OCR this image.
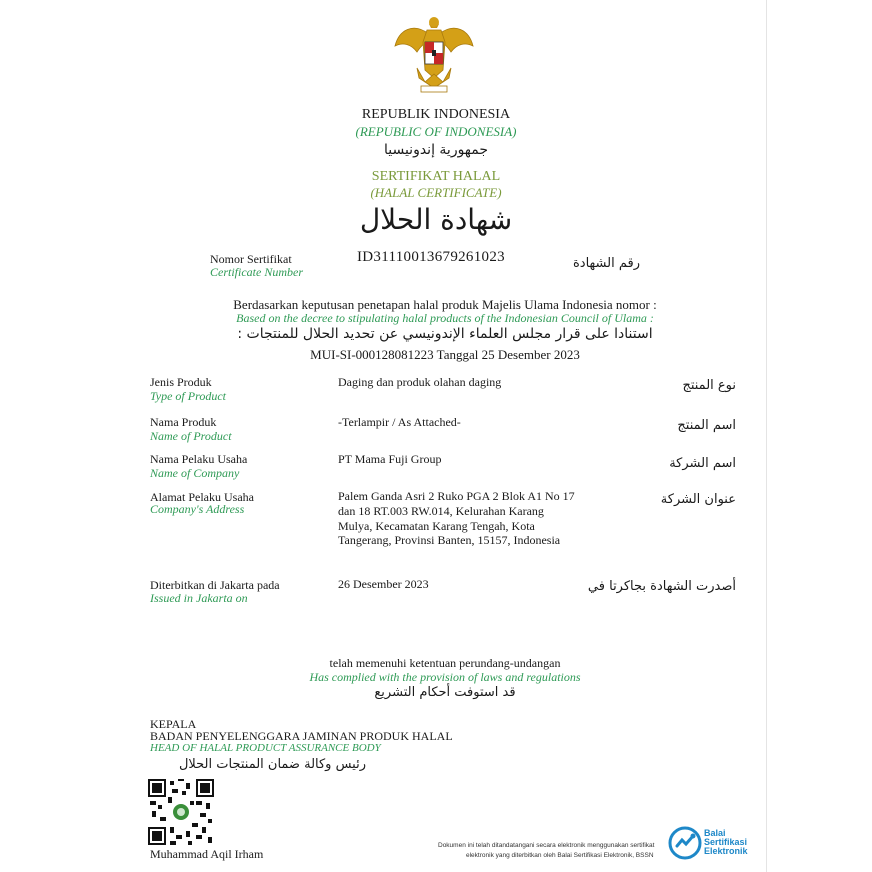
REPUBLIK INDONESIA
(REPUBLIC OF INDONESIA)
جمهورية إندونيسيا
SERTIFIKAT HALAL
(HALAL CERTIFICATE)
شهادة الحلال
Nomor Sertifikat
Certificate Number
ID31110013679261023	رقم الشهادة
Berdasarkan keputusan penetapan halal produk Majelis Ulama Indonesia nomor :
Based on the decree to stipulating halal products of the Indonesian Council of Ulama :
استنادا على قرار مجلس العلماء الإندونيسي عن تحديد الحلال للمنتجات :
MUI-SI-000128081223 Tanggal 25 Desember 2023
Jenis Produk
Type of Product
Daging dan produk olahan daging	نوع المنتج
Nama Produk
Name of Product
-Terlampir / As Attached-	اسم المنتج
Nama Pelaku Usaha
Name of Company
PT Mama Fuji Group	اسم الشركة
Alamat Pelaku Usaha
Company's Address
Palem Ganda Asri 2 Ruko PGA 2 Blok A1 No 17
dan 18 RT.003 RW.014, Kelurahan Karang
Mulya, Kecamatan Karang Tengah, Kota
Tangerang, Provinsi Banten, 15157, Indonesia
عنوان الشركة
Diterbitkan di Jakarta pada
Issued in Jakarta on
26 Desember 2023	أصدرت الشهادة بجاكرتا في
telah memenuhi ketentuan perundang-undangan
Has complied with the provision of laws and regulations
قد استوفت أحكام التشريع
KEPALA
BADAN PENYELENGGARA JAMINAN PRODUK HALAL
HEAD OF HALAL PRODUCT ASSURANCE BODY
رئيس وكالة ضمان المنتجات الحلال
Muhammad Aqil Irham
Dokumen ini telah ditandatangani secara elektronik menggunakan sertifikat
elektronik yang diterbitkan oleh Balai Sertifikasi Elektronik, BSSN
Balai
Sertifikasi
Elektronik
